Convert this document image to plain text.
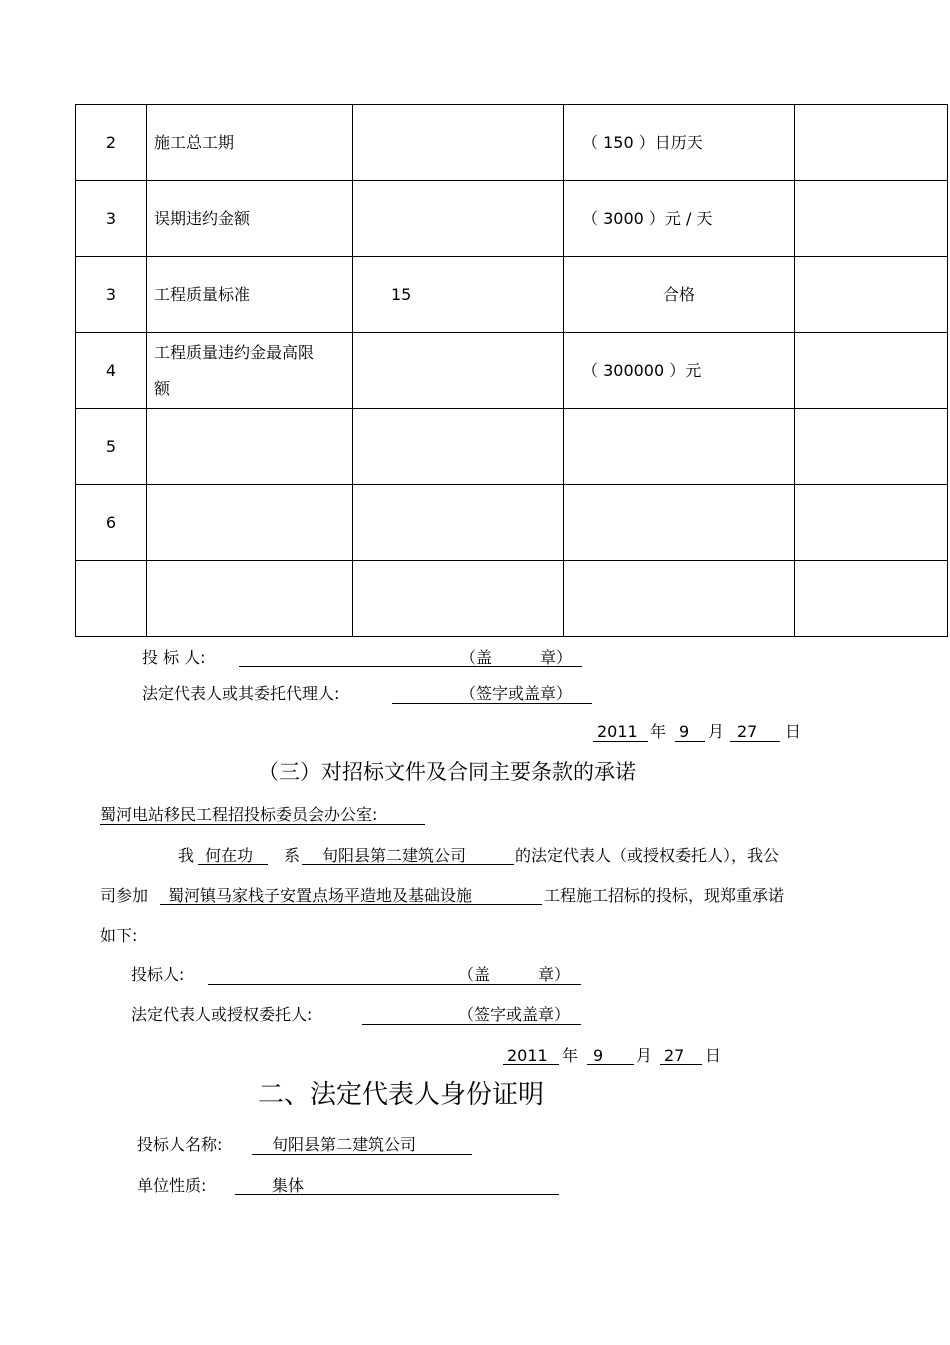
2	施工总工期		（ 150 ）日历天	
3	误期违约金额		（ 3000 ）元 / 天	
3	工程质量标准	15	合格	
4	工程质量违约金最高限额		（ 300000 ）元	
5				
6				

投 标 人:	（盖　　　章）
法定代表人或其委托代理人:	（签字或盖章）
2011 年 9 月 27 日
（三）对招标文件及合同主要条款的承诺
蜀河电站移民工程招投标委员会办公室:
我 何在功 系 旬阳县第二建筑公司	的法定代表人（或授权委托人），我公
司参加 蜀河镇马家栈子安置点场平造地及基础设施	工程施工招标的投标，现郑重承诺
如下:
投标人:	（盖　　　章）
法定代表人或授权委托人:	（签字或盖章）
2011 年 9 月 27 日
二、法定代表人身份证明
投标人名称:	旬阳县第二建筑公司
单位性质:	集体
